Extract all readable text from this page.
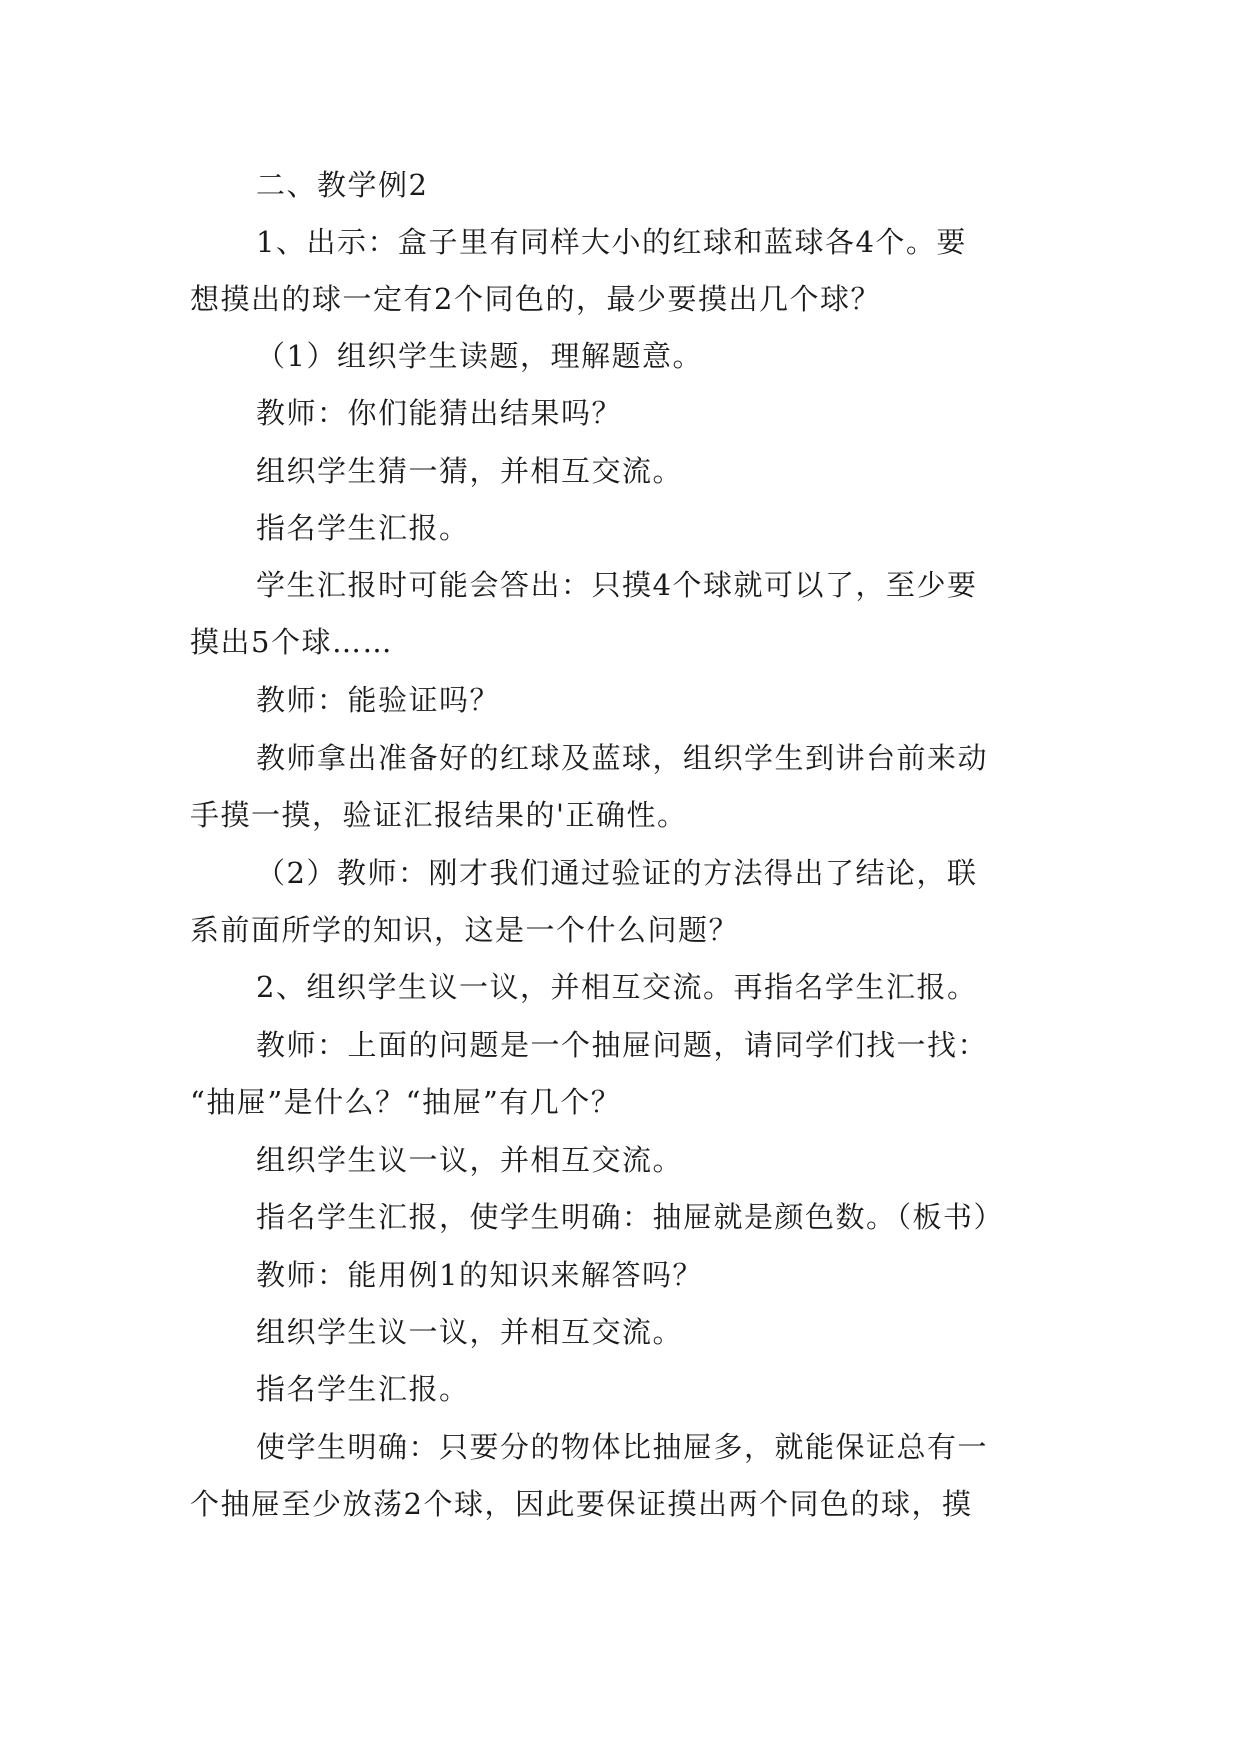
二、教学例2
1、出示：盒子里有同样大小的红球和蓝球各4个。要
想摸出的球一定有2个同色的，最少要摸出几个球？
（1）组织学生读题，理解题意。
教师：你们能猜出结果吗？
组织学生猜一猜，并相互交流。
指名学生汇报。
学生汇报时可能会答出：只摸4个球就可以了，至少要
摸出5个球……
教师：能验证吗？
教师拿出准备好的红球及蓝球，组织学生到讲台前来动
手摸一摸，验证汇报结果的'正确性。
（2）教师：刚才我们通过验证的方法得出了结论，联
系前面所学的知识，这是一个什么问题？
2、组织学生议一议，并相互交流。再指名学生汇报。
教师：上面的问题是一个抽屉问题，请同学们找一找：
“抽屉”是什么？“抽屉”有几个？
组织学生议一议，并相互交流。
指名学生汇报，使学生明确：抽屉就是颜色数。（板书）
教师：能用例1的知识来解答吗？
组织学生议一议，并相互交流。
指名学生汇报。
使学生明确：只要分的物体比抽屉多，就能保证总有一
个抽屉至少放荡2个球，因此要保证摸出两个同色的球，摸
